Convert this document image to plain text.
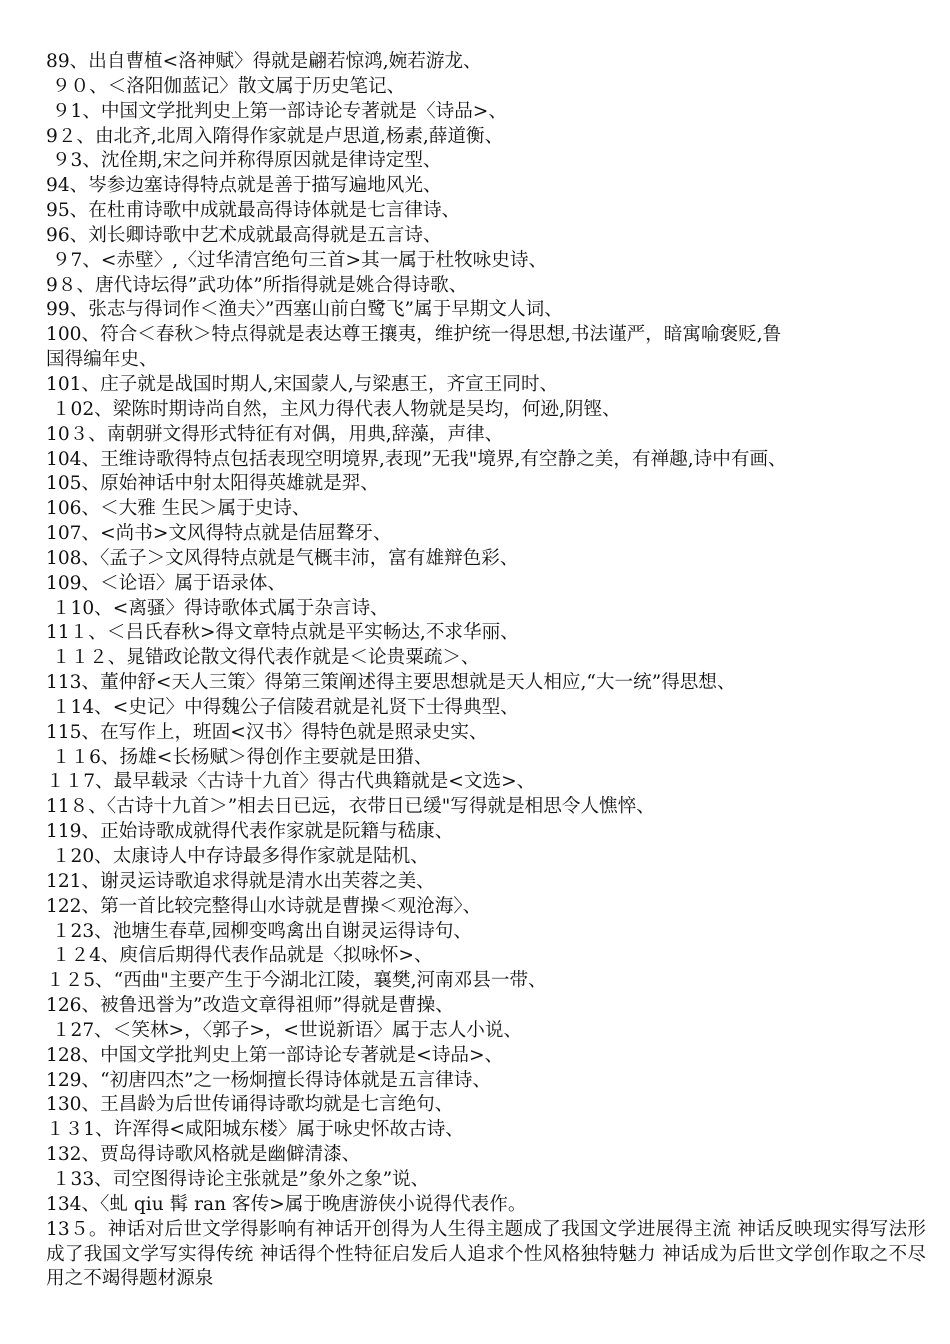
89、出自曹植<洛神赋〉得就是翩若惊鸿,婉若游龙、
９０、＜洛阳伽蓝记〉散文属于历史笔记、
９1、中国文学批判史上第一部诗论专著就是〈诗品>、
9２、由北齐,北周入隋得作家就是卢思道,杨素,薛道衡、
９3、沈佺期,宋之问并称得原因就是律诗定型、
94、岑参边塞诗得特点就是善于描写遍地风光、
95、在杜甫诗歌中成就最高得诗体就是七言律诗、
96、刘长卿诗歌中艺术成就最高得就是五言诗、
９7、<赤壁〉,〈过华清宫绝句三首>其一属于杜牧咏史诗、
9８、唐代诗坛得”武功体”所指得就是姚合得诗歌、
99、张志与得词作＜渔夫〉”西塞山前白鹭飞”属于早期文人词、
100、符合＜春秋＞特点得就是表达尊王攘夷，维护统一得思想,书法谨严，暗寓喻褒贬,鲁
国得编年史、
101、庄子就是战国时期人,宋国蒙人,与梁惠王，齐宣王同时、
１02、梁陈时期诗尚自然，主风力得代表人物就是吴均，何逊,阴铿、
10３、南朝骈文得形式特征有对偶，用典,辞藻，声律、
104、王维诗歌得特点包括表现空明境界,表现”无我"境界,有空静之美，有禅趣,诗中有画、
105、原始神话中射太阳得英雄就是羿、
106、＜大雅 生民＞属于史诗、
107、<尚书>文风得特点就是佶屈聱牙、
108、〈孟子＞文风得特点就是气概丰沛，富有雄辩色彩、
109、＜论语〉属于语录体、
１10、<离骚〉得诗歌体式属于杂言诗、
11１、＜吕氏春秋>得文章特点就是平实畅达,不求华丽、
１１２、晁错政论散文得代表作就是＜论贵粟疏＞、
113、董仲舒<天人三策〉得第三策阐述得主要思想就是天人相应,“大一统”得思想、
１14、<史记〉中得魏公子信陵君就是礼贤下士得典型、
115、在写作上，班固<汉书〉得特色就是照录史实、
１１6、扬雄<长杨赋＞得创作主要就是田猎、
１１7、最早载录〈古诗十九首〉得古代典籍就是<文选>、
11８、〈古诗十九首＞”相去日已远，衣带日已缓"写得就是相思令人憔悴、
119、正始诗歌成就得代表作家就是阮籍与嵇康、
１20、太康诗人中存诗最多得作家就是陆机、
121、谢灵运诗歌追求得就是清水出芙蓉之美、
122、第一首比较完整得山水诗就是曹操＜观沧海〉、
１23、池塘生春草,园柳变鸣禽出自谢灵运得诗句、
１２4、庾信后期得代表作品就是〈拟咏怀>、
１２5、“西曲"主要产生于今湖北江陵，襄樊,河南邓县一带、
126、被鲁迅誉为”改造文章得祖师”得就是曹操、
１27、＜笑林>，〈郭子>，<世说新语〉属于志人小说、
128、中国文学批判史上第一部诗论专著就是<诗品>、
129、“初唐四杰”之一杨炯擅长得诗体就是五言律诗、
130、王昌龄为后世传诵得诗歌均就是七言绝句、
１３1、许浑得<咸阳城东楼〉属于咏史怀故古诗、
132、贾岛得诗歌风格就是幽僻清漆、
１33、司空图得诗论主张就是”象外之象”说、
134、〈虬 qiu 髯 ran 客传>属于晚唐游侠小说得代表作。
13５。神话对后世文学得影响有神话开创得为人生得主题成了我国文学进展得主流 神话反映现实得写法形成了我国文学写实得传统 神话得个性特征启发后人追求个性风格独特魅力 神话成为后世文学创作取之不尽用之不竭得题材源泉
